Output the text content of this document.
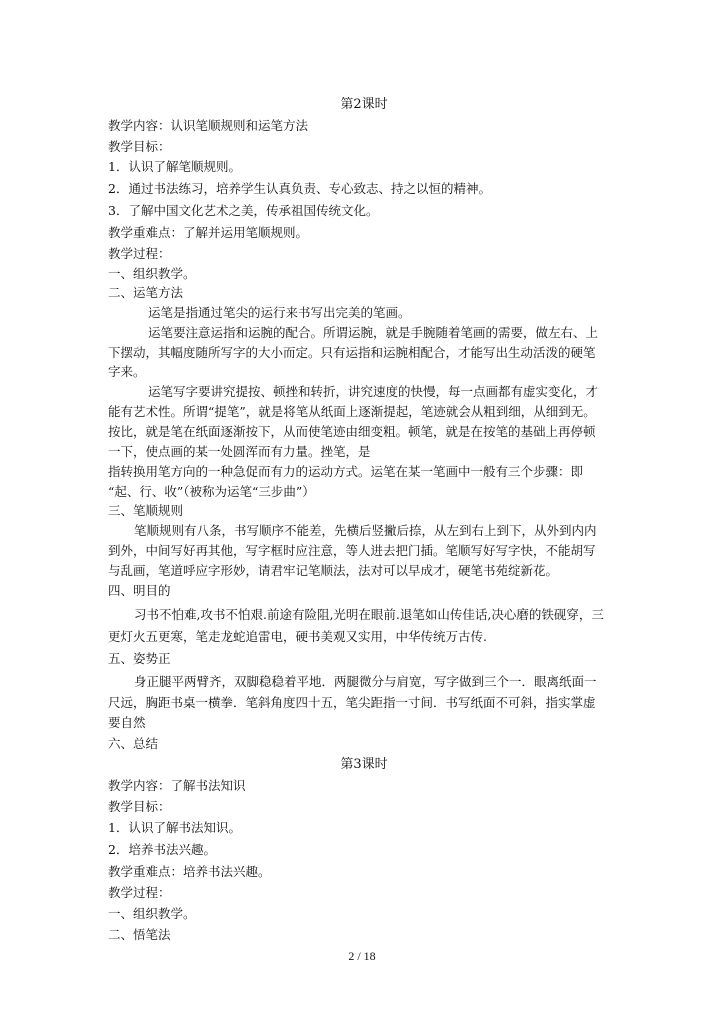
第2课时
教学内容：认识笔顺规则和运笔方法
教学目标：
1．认识了解笔顺规则。
2．通过书法练习，培养学生认真负责、专心致志、持之以恒的精神。
3．了解中国文化艺术之美，传承祖国传统文化。
教学重难点：了解并运用笔顺规则。
教学过程：
一、组织教学。
二、运笔方法
运笔是指通过笔尖的运行来书写出完美的笔画。
运笔要注意运指和运腕的配合。所谓运腕，就是手腕随着笔画的需要，做左右、上
下摆动，其幅度随所写字的大小而定。只有运指和运腕相配合，才能写出生动活泼的硬笔
字来。
运笔写字要讲究提按、顿挫和转折，讲究速度的快慢，每一点画都有虚实变化，才
能有艺术性。所谓“提笔”，就是将笔从纸面上逐渐提起，笔迹就会从粗到细，从细到无。
按比，就是笔在纸面逐渐按下，从而使笔迹由细变粗。顿笔，就是在按笔的基础上再停顿
一下，使点画的某一处圆浑而有力量。挫笔，是
指转换用笔方向的一种急促而有力的运动方式。运笔在某一笔画中一般有三个步骤：即
“起、行、收”（被称为运笔“三步曲”）
三、笔顺规则
笔顺规则有八条，书写顺序不能差，先横后竖撇后捺，从左到右上到下，从外到内内
到外，中间写好再其他，写字框时应注意，等人进去把门插。笔顺写好写字快，不能胡写
与乱画，笔道呼应字形妙，请君牢记笔顺法，法对可以早成才，硬笔书苑绽新花。
四、明目的
习书不怕难,攻书不怕艰.前途有险阻,光明在眼前.退笔如山传佳话,决心磨的铁砚穿，三
更灯火五更寒，笔走龙蛇追雷电，硬书美观又实用，中华传统万古传.
五、姿势正
身正腿平两臂齐，双脚稳稳着平地．两腿微分与肩宽，写字做到三个一．眼离纸面一
尺远，胸距书桌一横拳．笔斜角度四十五，笔尖距指一寸间．书写纸面不可斜，指实掌虚
要自然
六、总结
第3课时
教学内容：了解书法知识
教学目标：
1．认识了解书法知识。
2．培养书法兴趣。
教学重难点：培养书法兴趣。
教学过程：
一、组织教学。
二、悟笔法
2 / 18
